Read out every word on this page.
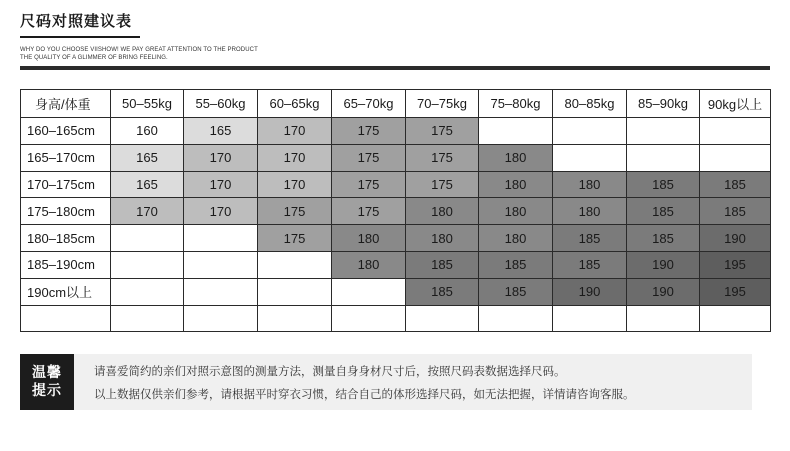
尺码对照建议表
WHY DO YOU CHOOSE VIISHOW! WE PAY GREAT ATTENTION TO THE PRODUCT
THE QUALITY OF A GLIMMER OF BRING FEELING.
身高/体重	50–55kg	55–60kg	60–65kg	65–70kg	70–75kg	75–80kg	80–85kg	85–90kg	90kg以上
160–165cm	160	165	170	175	175				
165–170cm	165	170	170	175	175	180			
170–175cm	165	170	170	175	175	180	180	185	185
175–180cm	170	170	175	175	180	180	180	185	185
180–185cm			175	180	180	180	185	185	190
185–190cm				180	185	185	185	190	195
190cm以上					185	185	190	190	195

温馨
提示
请喜爱简约的亲们对照示意图的测量方法，测量自身身材尺寸后，按照尺码表数据选择尺码。
以上数据仅供亲们参考，请根据平时穿衣习惯，结合自己的体形选择尺码，如无法把握，详情请咨询客服。
